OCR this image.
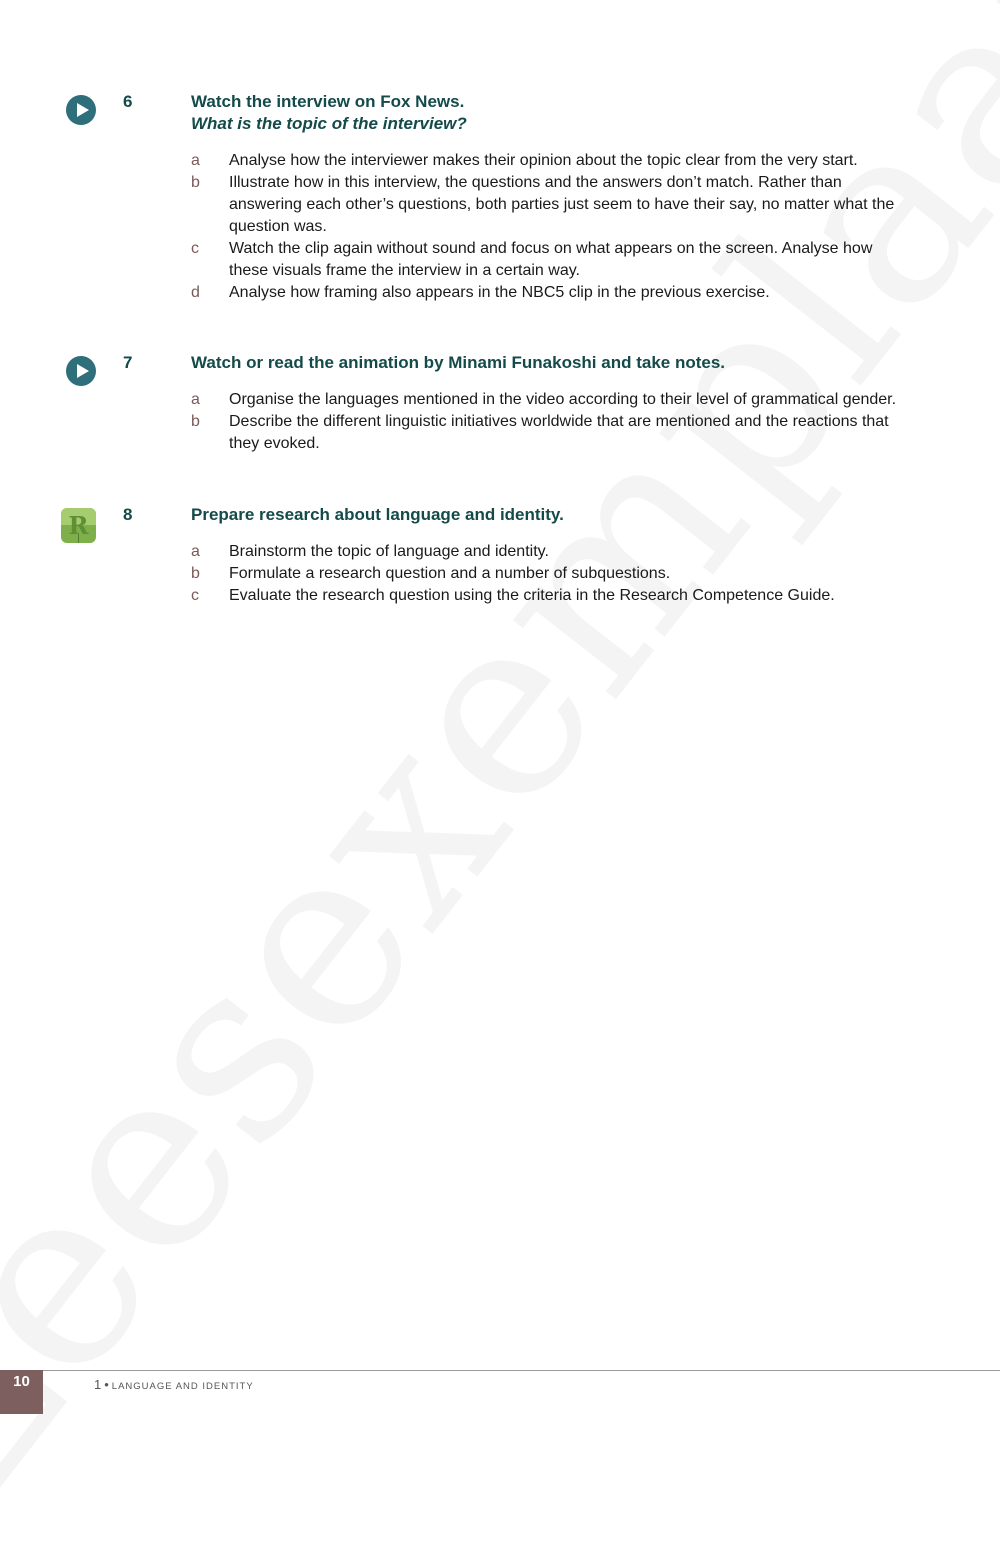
6	Watch the interview on Fox News.
What is the topic of the interview?
a Analyse how the interviewer makes their opinion about the topic clear from the very start.
b Illustrate how in this interview, the questions and the answers don’t match. Rather than answering each other’s questions, both parties just seem to have their say, no matter what the question was.
c Watch the clip again without sound and focus on what appears on the screen. Analyse how these visuals frame the interview in a certain way.
d Analyse how framing also appears in the NBC5 clip in the previous exercise.
7	Watch or read the animation by Minami Funakoshi and take notes.
a Organise the languages mentioned in the video according to their level of grammatical gender.
b Describe the different linguistic initiatives worldwide that are mentioned and the reactions that they evoked.
R 8	Prepare research about language and identity.
a Brainstorm the topic of language and identity.
b Formulate a research question and a number of subquestions.
c Evaluate the research question using the criteria in the Research Competence Guide.
10	1 • LANGUAGE AND IDENTITY
